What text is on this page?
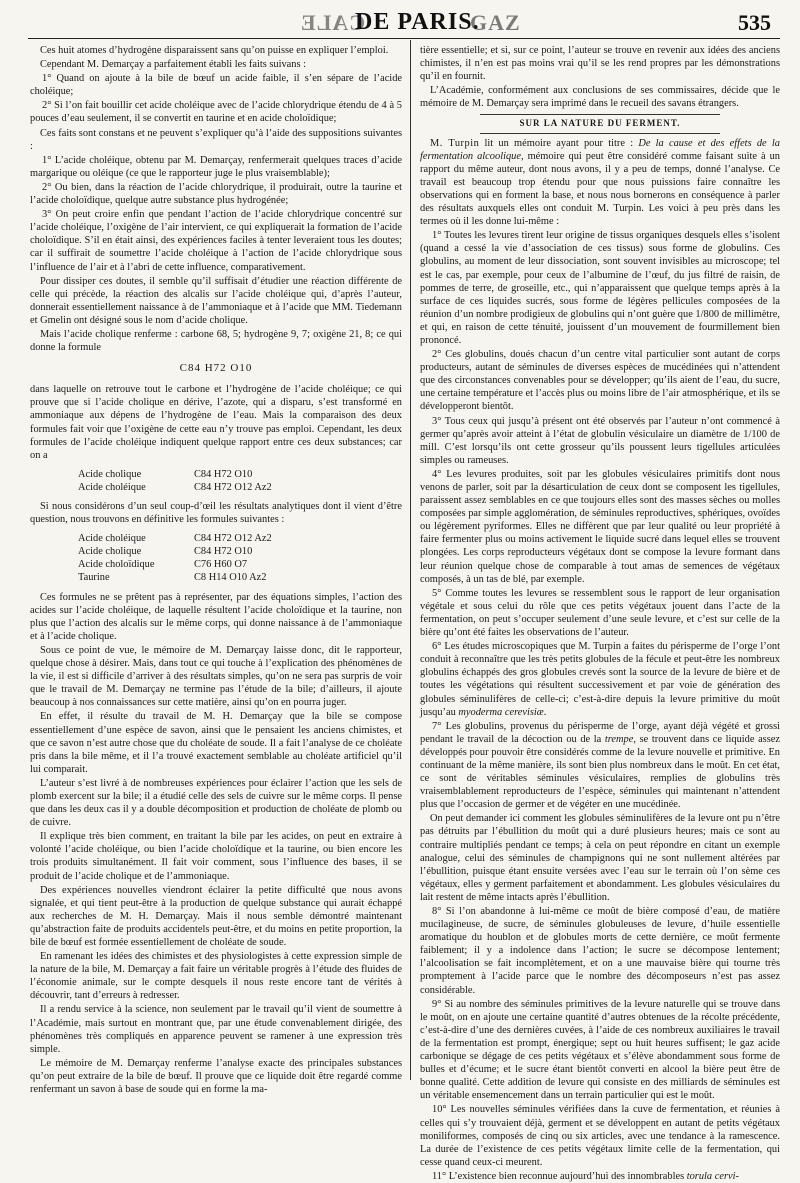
CALE
DE PARIS.
GAZ	535

Ces huit atomes d’hydrogène disparaissent sans qu’on puisse en expliquer l’emploi.

Cependant M. Demarçay a parfaitement établi les faits suivans :

1° Quand on ajoute à la bile de bœuf un acide faible, il s’en sépare de l’acide choléique;

2° Si l’on fait bouillir cet acide choléique avec de l’acide chlorydrique étendu de 4 à 5 pouces d’eau seulement, il se convertit en taurine et en acide choloïdique;

Ces faits sont constans et ne peuvent s’expliquer qu’à l’aide des suppositions suivantes :

1° L’acide choléique, obtenu par M. Demarçay, renfermerait quelques traces d’acide margarique ou oléique (ce que le rapporteur juge le plus vraisemblable);

2° Ou bien, dans la réaction de l’acide chlorydrique, il produirait, outre la taurine et l’acide choloïdique, quelque autre substance plus hydrogénée;

3° On peut croire enfin que pendant l’action de l’acide chlorydrique concentré sur l’acide choléique, l’oxigène de l’air intervient, ce qui expliquerait la formation de l’acide choloïdique. S’il en était ainsi, des expériences faciles à tenter leveraient tous les doutes; car il suffirait de soumettre l’acide choléique à l’action de l’acide chlorydrique sous l’influence de l’air et à l’abri de cette influence, comparativement.

Pour dissiper ces doutes, il semble qu’il suffisait d’étudier une réaction différente de celle qui précède, la réaction des alcalis sur l’acide choléique qui, d’après l’auteur, donnerait essentiellement naissance à de l’ammoniaque et à l’acide que MM. Tiedemann et Gmelin ont désigné sous le nom d’acide cholique.

Mais l’acide cholique renferme : carbone 68, 5; hydrogène 9, 7; oxigène 21, 8; ce qui donne la formule

C84 H72 O10

dans laquelle on retrouve tout le carbone et l’hydrogène de l’acide choléique; ce qui prouve que si l’acide cholique en dérive, l’azote, qui a disparu, s’est transformé en ammoniaque aux dépens de l’hydrogène de l’eau. Mais la comparaison des deux formules fait voir que l’oxigène de cette eau n’y trouve pas emploi. Cependant, les deux formules de l’acide choléique indiquent quelque rapport entre ces deux substances; car on a

Acide cholique	C84 H72 O10
Acide choléique	C84 H72 O12 Az2

Si nous considérons d’un seul coup-d’œil les résultats analytiques dont il vient d’être question, nous trouvons en définitive les formules suivantes :

Acide choléique	C84 H72 O12 Az2
Acide cholique	C84 H72 O10
Acide choloïdique	C76 H60 O7
Taurine	C8 H14 O10 Az2

Ces formules ne se prêtent pas à représenter, par des équations simples, l’action des acides sur l’acide choléique, de laquelle résultent l’acide choloïdique et la taurine, non plus que l’action des alcalis sur le même corps, qui donne naissance à de l’ammoniaque et à l’acide cholique.

Sous ce point de vue, le mémoire de M. Demarçay laisse donc, dit le rapporteur, quelque chose à désirer. Mais, dans tout ce qui touche à l’explication des phénomènes de la vie, il est si difficile d’arriver à des résultats simples, qu’on ne sera pas surpris de voir que le travail de M. Demarçay ne termine pas l’étude de la bile; d’ailleurs, il ajoute beaucoup à nos connaissances sur cette matière, ainsi qu’on en pourra juger.

En effet, il résulte du travail de M. H. Demarçay que la bile se compose essentiellement d’une espèce de savon, ainsi que le pensaient les anciens chimistes, et que ce savon n’est autre chose que du choléate de soude. Il a fait l’analyse de ce choléate pris dans la bile même, et il l’a trouvé exactement semblable au choléate artificiel qu’il lui comparait.

L’auteur s’est livré à de nombreuses expériences pour éclairer l’action que les sels de plomb exercent sur la bile; il a étudié celle des sels de cuivre sur le même corps. Il pense que dans les deux cas il y a double décomposition et production de choléate de plomb ou de cuivre.

Il explique très bien comment, en traitant la bile par les acides, on peut en extraire à volonté l’acide choléique, ou bien l’acide choloïdique et la taurine, ou bien encore les trois produits simultanément. Il fait voir comment, sous l’influence des bases, il se produit de l’acide cholique et de l’ammoniaque.

Des expériences nouvelles viendront éclairer la petite difficulté que nous avons signalée, et qui tient peut-être à la production de quelque substance qui aurait échappé aux recherches de M. H. Demarçay. Mais il nous semble démontré maintenant qu’abstraction faite de produits accidentels peut-être, et du moins en petite proportion, la bile de bœuf est formée essentiellement de choléate de soude.

En ramenant les idées des chimistes et des physiologistes à cette expression simple de la nature de la bile, M. Demarçay a fait faire un véritable progrès à l’étude des fluides de l’économie animale, sur le compte desquels il nous reste encore tant de vérités à découvrir, tant d’erreurs à redresser.

Il a rendu service à la science, non seulement par le travail qu’il vient de soumettre à l’Académie, mais surtout en montrant que, par une étude convenablement dirigée, des phénomènes très compliqués en apparence peuvent se ramener à une expression très simple.

Le mémoire de M. Demarçay renferme l’analyse exacte des principales substances qu’on peut extraire de la bile de bœuf. Il prouve que ce liquide doit être regardé comme renfermant un savon à base de soude qui en forme la ma-

tière essentielle; et si, sur ce point, l’auteur se trouve en revenir aux idées des anciens chimistes, il n’en est pas moins vrai qu’il se les rend propres par les démonstrations qu’il en fournit.

L’Académie, conformément aux conclusions de ses commissaires, décide que le mémoire de M. Demarçay sera imprimé dans le recueil des savans étrangers.

SUR LA NATURE DU FERMENT.

M. Turpin lit un mémoire ayant pour titre : De la cause et des effets de la fermentation alcoolique, mémoire qui peut être considéré comme faisant suite à un rapport du même auteur, dont nous avons, il y a peu de temps, donné l’analyse. Ce travail est beaucoup trop étendu pour que nous puissions faire connaître les observations qui en forment la base, et nous nous bornerons en conséquence à parler des résultats auxquels elles ont conduit M. Turpin. Les voici à peu près dans les termes où il les donne lui-même :

1° Toutes les levures tirent leur origine de tissus organiques desquels elles s’isolent (quand a cessé la vie d’association de ces tissus) sous forme de globulins. Ces globulins, au moment de leur dissociation, sont souvent invisibles au microscope; tel est le cas, par exemple, pour ceux de l’albumine de l’œuf, du jus filtré de raisin, de pommes de terre, de groseille, etc., qui n’apparaissent que quelque temps après à la surface de ces liquides sucrés, sous forme de légères pellicules composées de la réunion d’un nombre prodigieux de globulins qui n’ont guère que 1/800 de millimètre, et qui, en raison de cette ténuité, jouissent d’un mouvement de fourmillement bien prononcé.

2° Ces globulins, doués chacun d’un centre vital particulier sont autant de corps producteurs, autant de séminules de diverses espèces de mucédinées qui n’attendent que des circonstances convenables pour se développer; qu’ils aient de l’eau, du sucre, une certaine température et l’accès plus ou moins libre de l’air atmosphérique, et ils se développeront bientôt.

3° Tous ceux qui jusqu’à présent ont été observés par l’auteur n’ont commencé à germer qu’après avoir atteint à l’état de globulin vésiculaire un diamètre de 1/100 de mill. C’est lorsqu’ils ont cette grosseur qu’ils poussent leurs tigellules articulées simples ou rameuses.

4° Les levures produites, soit par les globules vésiculaires primitifs dont nous venons de parler, soit par la désarticulation de ceux dont se composent les tigellules, paraissent assez semblables en ce que toujours elles sont des masses sèches ou molles composées par simple agglomération, de séminules reproductives, sphériques, ovoïdes ou légèrement pyriformes. Elles ne diffèrent que par leur qualité ou leur propriété à faire fermenter plus ou moins activement le liquide sucré dans lequel elles se trouvent plongées. Les corps reproducteurs végétaux dont se compose la levure formant dans leur réunion quelque chose de comparable à tout amas de semences de végétaux composés, à un tas de blé, par exemple.

5° Comme toutes les levures se ressemblent sous le rapport de leur organisation végétale et sous celui du rôle que ces petits végétaux jouent dans l’acte de la fermentation, on peut s’occuper seulement d’une seule levure, et c’est sur celle de la bière qu’ont été faites les observations de l’auteur.

6° Les études microscopiques que M. Turpin a faites du périsperme de l’orge l’ont conduit à reconnaître que les très petits globules de la fécule et peut-être les nombreux globulins échappés des gros globules crevés sont la source de la levure de bière et de toutes les végétations qui résultent successivement et par voie de génération des globules séminulifères de celle-ci; c’est-à-dire depuis la levure primitive du moût jusqu’au myoderma cerevisiæ.

7° Les globulins, provenus du périsperme de l’orge, ayant déjà végété et grossi pendant le travail de la décoction ou de la trempe, se trouvent dans ce liquide assez développés pour pouvoir être considérés comme de la levure nouvelle et primitive. En continuant de la même manière, ils sont bien plus nombreux dans le moût. En cet état, ce sont de véritables séminules vésiculaires, remplies de globulins très vraisemblablement reproducteurs de l’espèce, séminules qui maintenant n’attendent plus que l’occasion de germer et de végéter en une mucédinée.

On peut demander ici comment les globules séminulifères de la levure ont pu n’être pas détruits par l’ébullition du moût qui a duré plusieurs heures; mais ce sont au contraire multipliés pendant ce temps; à cela on peut répondre en citant un exemple analogue, celui des séminules de champignons qui ne sont nullement altérées par l’ébullition, puisque étant ensuite versées avec l’eau sur le terrain où l’on sème ces végétaux, elles y germent parfaitement et abondamment. Les globules vésiculaires du lait restent de même intacts après l’ébullition.

8° Si l’on abandonne à lui-même ce moût de bière composé d’eau, de matière mucilagineuse, de sucre, de séminules globuleuses de levure, d’huile essentielle aromatique du houblon et de globules morts de cette dernière, ce moût fermente faiblement; il y a indolence dans l’action; le sucre se décompose lentement; l’alcoolisation se fait incomplètement, et on a une mauvaise bière qui tourne très promptement à l’acide parce que le nombre des décomposeurs n’est pas assez considérable.

9° Si au nombre des séminules primitives de la levure naturelle qui se trouve dans le moût, on en ajoute une certaine quantité d’autres obtenues de la récolte précédente, c’est-à-dire d’une des dernières cuvées, à l’aide de ces nombreux auxiliaires le travail de la fermentation est prompt, énergique; sept ou huit heures suffisent; le gaz acide carbonique se dégage de ces petits végétaux et s’élève abondamment sous forme de bulles et d’écume; et le sucre étant bientôt converti en alcool la bière peut être de bonne qualité. Cette addition de levure qui consiste en des milliards de séminules est un véritable ensemencement dans un terrain particulier qui est le moût.

10° Les nouvelles séminules vérifiées dans la cuve de fermentation, et réunies à celles qui s’y trouvaient déjà, germent et se développent en autant de petits végétaux moniliformes, composés de cinq ou six articles, avec une tendance à la ramescence. La durée de l’existence de ces petits végétaux limite celle de la fermentation, qui cesse quand ceux-ci meurent.

11° L’existence bien reconnue aujourd’hui des innombrables torula cervi-
